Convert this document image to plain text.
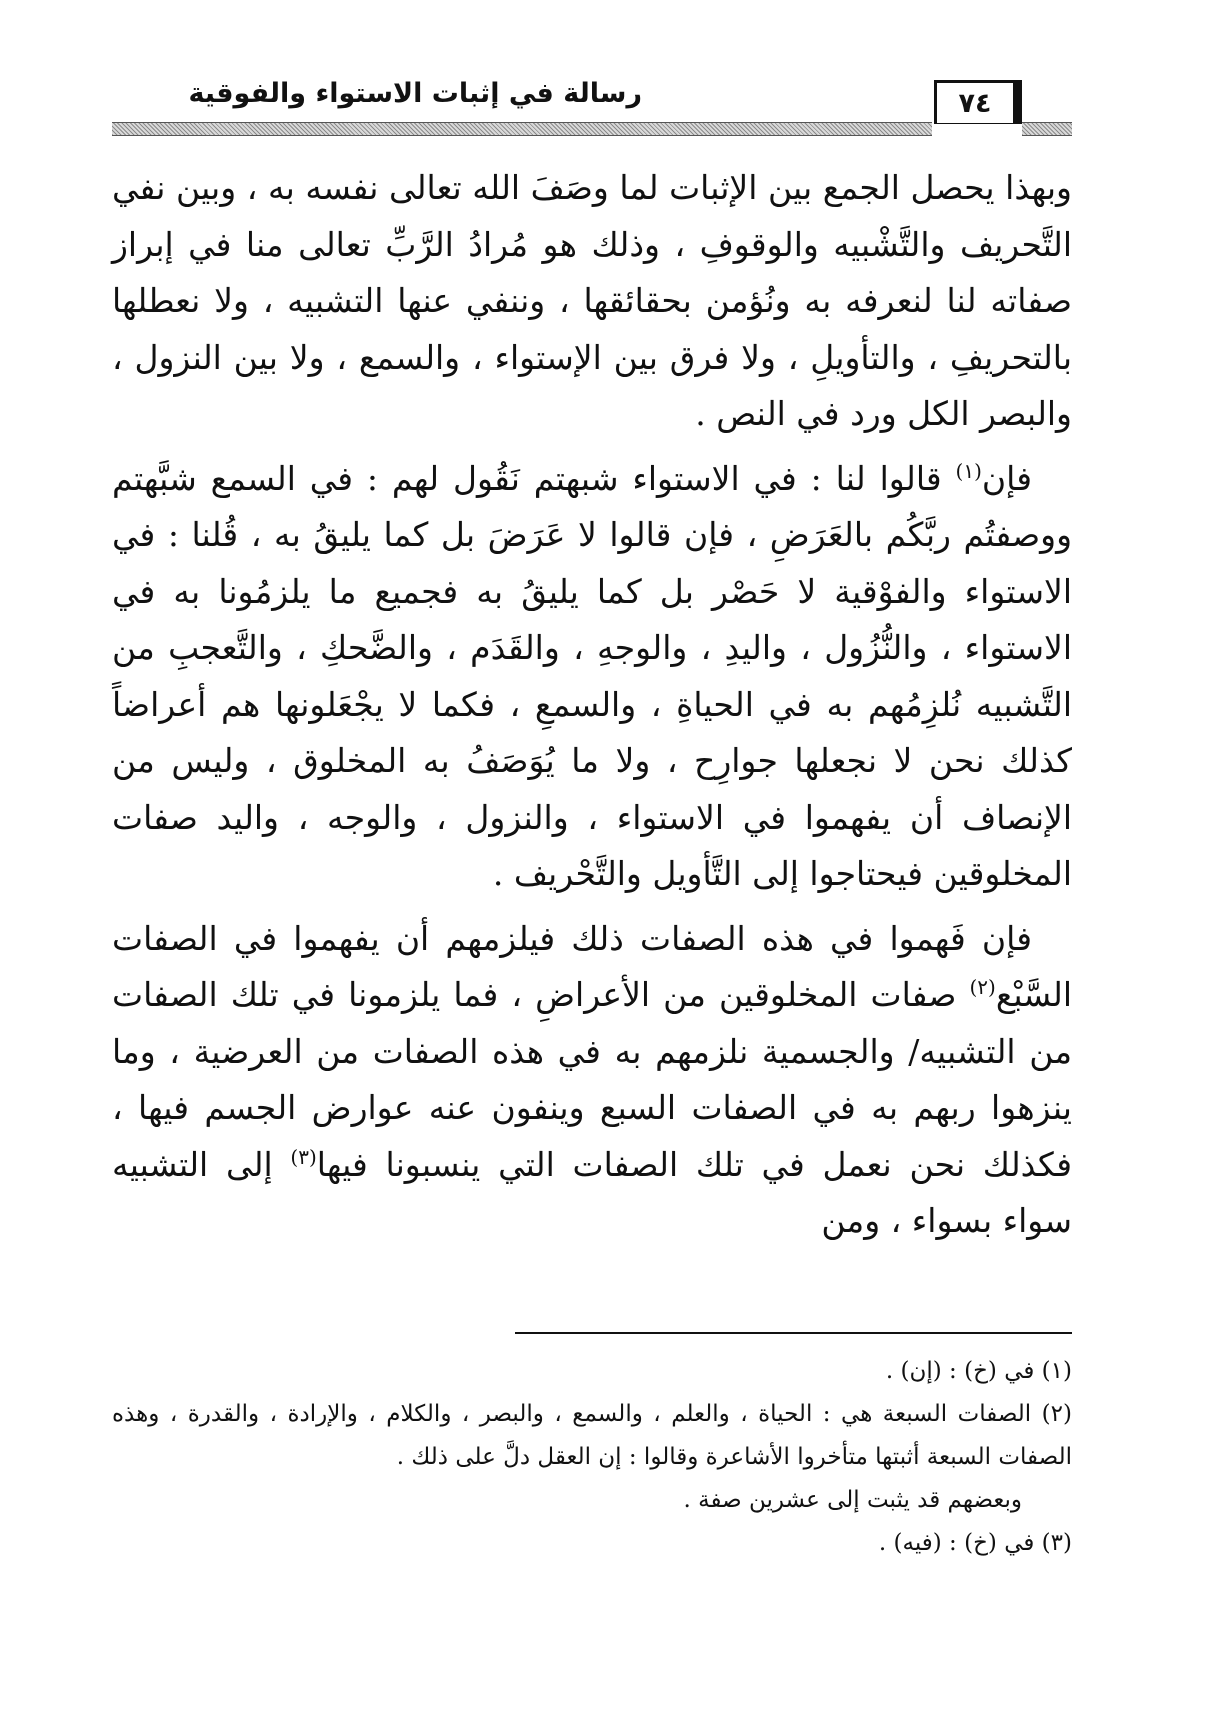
رسالة في إثبات الاستواء والفوقية	٧٤

وبهذا يحصل الجمع بين الإثبات لما وصَفَ الله تعالى نفسه به ، وبين نفي التَّحريف والتَّشْبيه والوقوفِ ، وذلك هو مُرادُ الرَّبِّ تعالى منا في إبراز صفاته لنا لنعرفه به ونُؤمن بحقائقها ، وننفي عنها التشبيه ، ولا نعطلها بالتحريفِ ، والتأويلِ ، ولا فرق بين الإستواء ، والسمع ، ولا بين النزول ، والبصر الكل ورد في النص .

فإن$^{(١)}$ قالوا لنا : في الاستواء شبهتم نَقُول لهم : في السمع شبَّهتم ووصفتُم ربَّكُم بالعَرَضِ ، فإن قالوا لا عَرَضَ بل كما يليقُ به ، قُلنا : في الاستواء والفوْقية لا حَصْر بل كما يليقُ به فجميع ما يلزمُونا به في الاستواء ، والنُّزُول ، واليدِ ، والوجهِ ، والقَدَم ، والضَّحكِ ، والتَّعجبِ من التَّشبيه نُلزِمُهم به في الحياةِ ، والسمعِ ، فكما لا يجْعَلونها هم أعراضاً كذلك نحن لا نجعلها جوارِح ، ولا ما يُوَصَفُ به المخلوق ، وليس من الإنصاف أن يفهموا في الاستواء ، والنزول ، والوجه ، واليد صفات المخلوقين فيحتاجوا إلى التَّأويل والتَّحْريف .

فإن فَهموا في هذه الصفات ذلك فيلزمهم أن يفهموا في الصفات السَّبْع$^{(٢)}$ صفات المخلوقين من الأعراضِ ، فما يلزمونا في تلك الصفات من التشبيه/ والجسمية نلزمهم به في هذه الصفات من العرضية ، وما ينزهوا ربهم به في الصفات السبع وينفون عنه عوارض الجسم فيها ، فكذلك نحن نعمل في تلك الصفات التي ينسبونا فيها$^{(٣)}$ إلى التشبيه سواء بسواء ، ومن

(١) في (خ) : (إن) .

(٢) الصفات السبعة هي : الحياة ، والعلم ، والسمع ، والبصر ، والكلام ، والإرادة ، والقدرة ، وهذه الصفات السبعة أثبتها متأخروا الأشاعرة وقالوا : إن العقل دلَّ على ذلك .

وبعضهم قد يثبت إلى عشرين صفة .

(٣) في (خ) : (فيه) .
